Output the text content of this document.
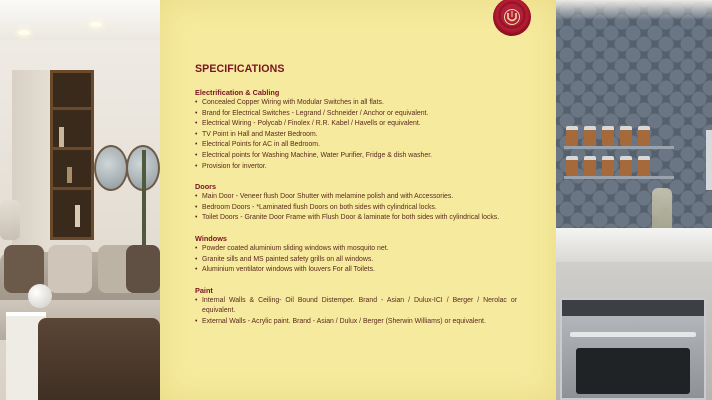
SPECIFICATIONS
Electrification & Cabling
• Concealed Copper Wiring with Modular Switches in all flats.
• Brand for Electrical Switches - Legrand / Schneider / Anchor or equivalent.
• Electrical Wiring - Polycab / Finolex / R.R. Kabel / Havells or equivalent.
• TV Point in Hall and Master Bedroom.
• Electrical Points for AC in all Bedroom.
• Electrical points for Washing Machine, Water Purifier, Fridge & dish washer.
• Provision for invertor.
Doors
• Main Door - Veneer flush Door Shutter with melamine polish and with Accessories.
• Bedroom Doors - *Laminated flush Doors on both sides with cylindrical locks.
• Toilet Doors - Granite Door Frame with Flush Door & laminate for both sides with cylindrical locks.
Windows
• Powder coated aluminium sliding windows with mosquito net.
• Granite sills and MS painted safety grills on all windows.
• Aluminium ventilator windows with louvers For all Toilets.
Paint
• Internal Walls & Ceiling- Oil Bound Distemper. Brand - Asian / Dulux-ICI / Berger / Nerolac or equivalent.
• External Walls - Acrylic paint. Brand - Asian / Dulux / Berger (Sherwin Williams) or equivalent.
